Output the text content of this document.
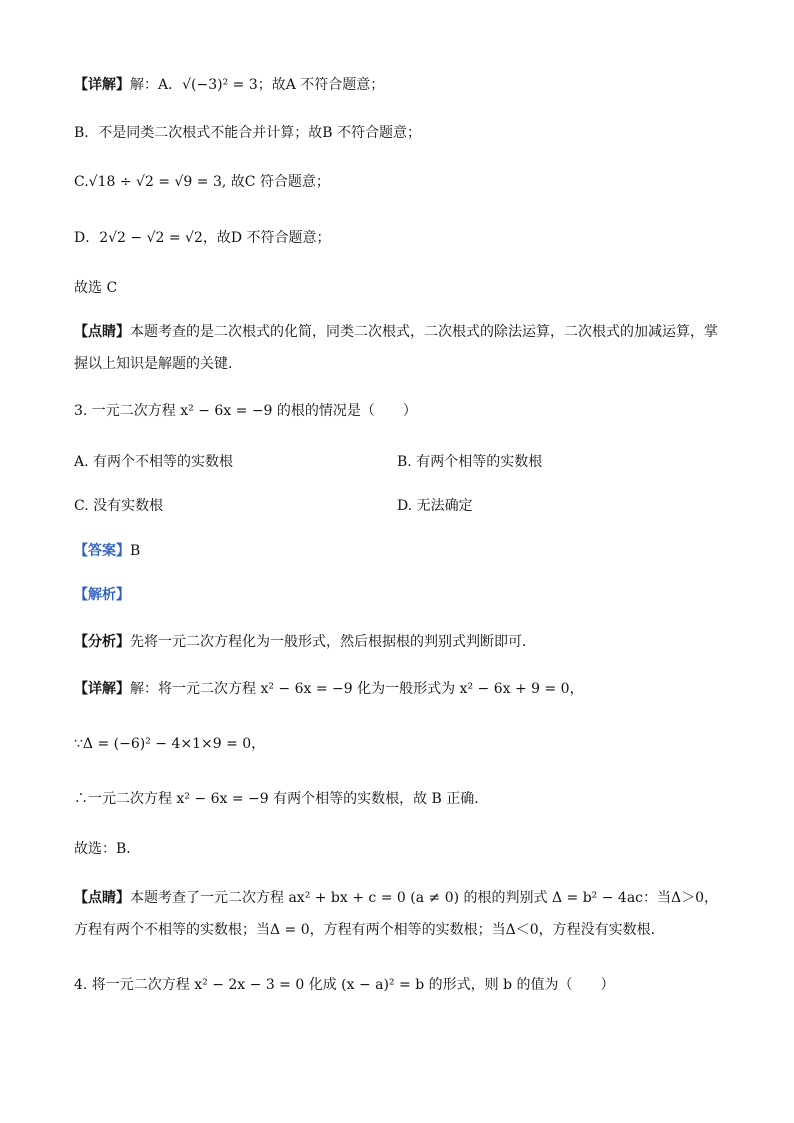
【详解】解：A．√(−3)² = 3；故A 不符合题意；
B．不是同类二次根式不能合并计算；故B 不符合题意；
C.√18 ÷ √2 = √9 = 3, 故C 符合题意；
D．2√2 − √2 = √2，故D 不符合题意；
故选 C
【点睛】本题考查的是二次根式的化简，同类二次根式，二次根式的除法运算，二次根式的加减运算，掌握以上知识是解题的关键．
3. 一元二次方程 x² − 6x = −9 的根的情况是（　　）
A. 有两个不相等的实数根	B. 有两个相等的实数根
C. 没有实数根	D. 无法确定
【答案】B
【解析】
【分析】先将一元二次方程化为一般形式，然后根据根的判别式判断即可．
【详解】解：将一元二次方程 x² − 6x = −9 化为一般形式为 x² − 6x + 9 = 0，
∵Δ = (−6)² − 4×1×9 = 0，
∴一元二次方程 x² − 6x = −9 有两个相等的实数根，故 B 正确．
故选：B．
【点睛】本题考查了一元二次方程 ax² + bx + c = 0 (a ≠ 0) 的根的判别式 Δ = b² − 4ac：当Δ＞0，方程有两个不相等的实数根；当Δ = 0，方程有两个相等的实数根；当Δ＜0，方程没有实数根．
4. 将一元二次方程 x² − 2x − 3 = 0 化成 (x − a)² = b 的形式，则 b 的值为（　　）
